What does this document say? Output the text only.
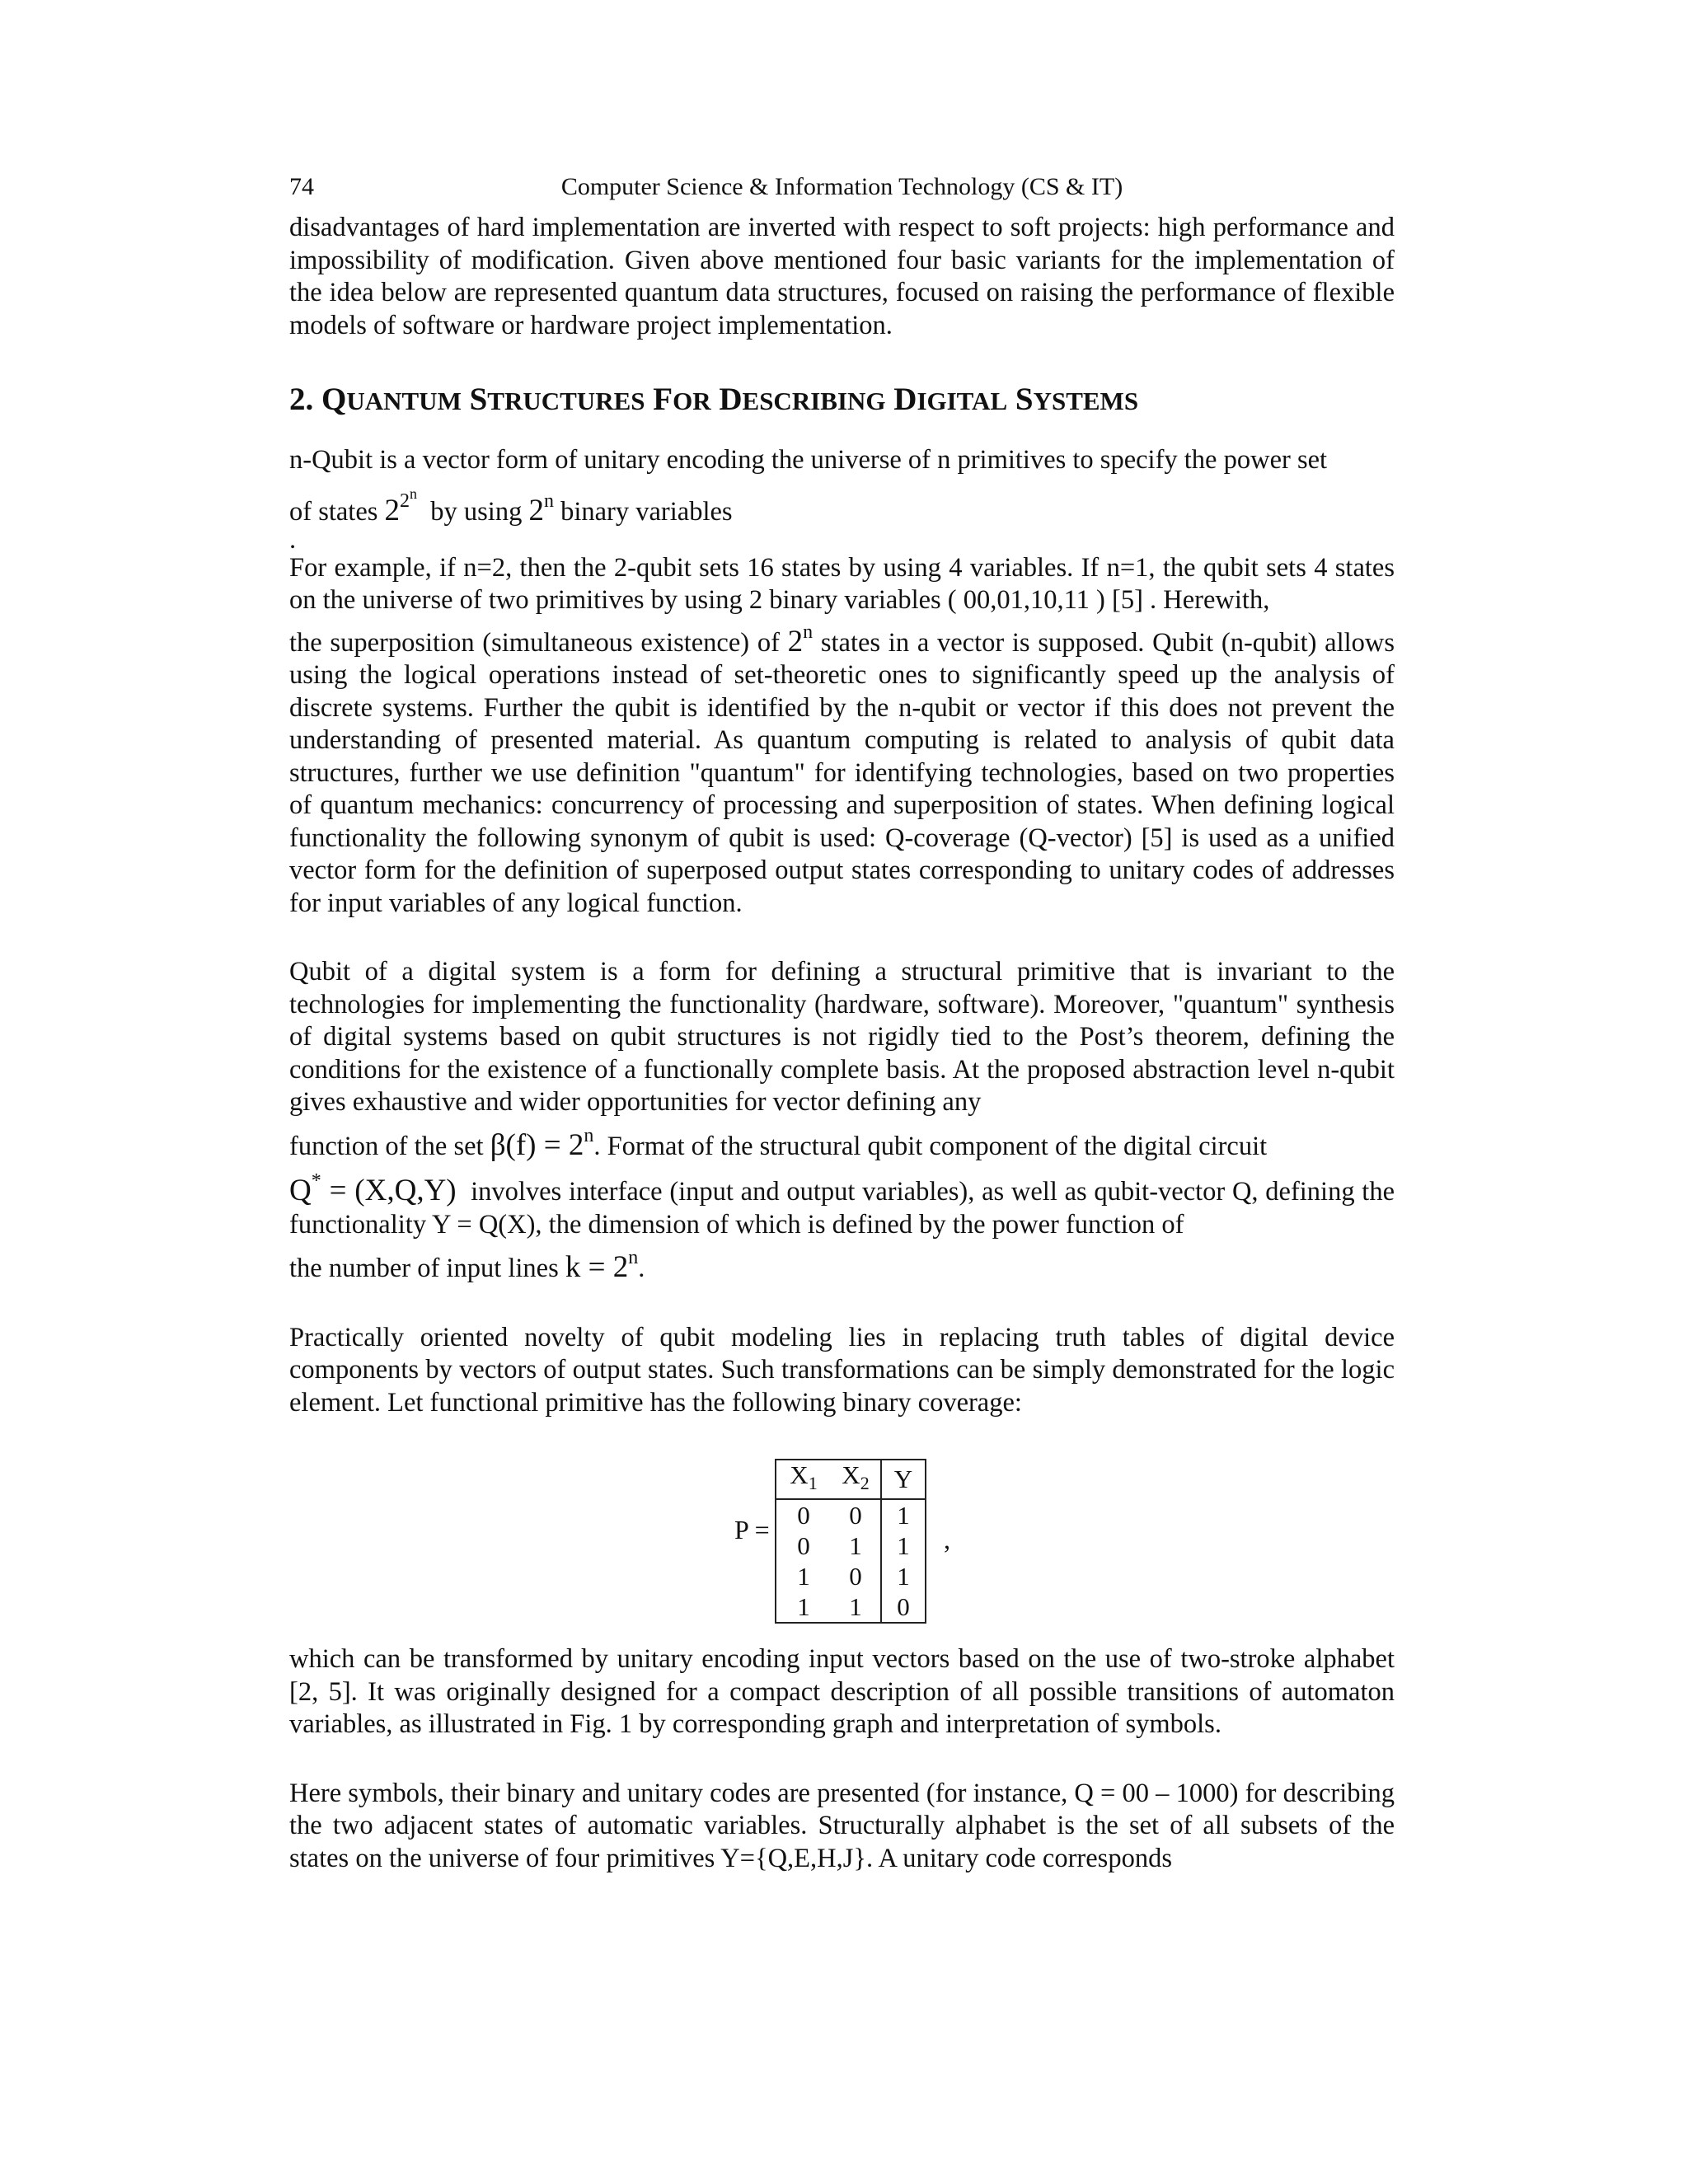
74	Computer Science & Information Technology (CS & IT)

disadvantages of hard implementation are inverted with respect to soft projects: high performance and impossibility of modification. Given above mentioned four basic variants for the implementation of the idea below are represented quantum data structures, focused on raising the performance of flexible models of software or hardware project implementation.

2. QUANTUM STRUCTURES FOR DESCRIBING DIGITAL SYSTEMS

n-Qubit is a vector form of unitary encoding the universe of n primitives to specify the power set

of states $2^{2^n}$  by using 2$^n$ binary variables

.

For example, if n=2, then the 2-qubit sets 16 states by using 4 variables. If n=1, the qubit sets 4 states on the universe of two primitives by using 2 binary variables ( 00,01,10,11 ) [5] . Herewith,

the superposition (simultaneous existence) of 2$^n$ states in a vector is supposed. Qubit (n-qubit) allows using the logical operations instead of set-theoretic ones to significantly speed up the analysis of discrete systems. Further the qubit is identified by the n-qubit or vector if this does not prevent the understanding of presented material. As quantum computing is related to analysis of qubit data structures, further we use definition "quantum" for identifying technologies, based on two properties of quantum mechanics: concurrency of processing and superposition of states. When defining logical functionality the following synonym of qubit is used: Q-coverage (Q-vector) [5] is used as a unified vector form for the definition of superposed output states corresponding to unitary codes of addresses for input variables of any logical function.

Qubit of a digital system is a form for defining a structural primitive that is invariant to the technologies for implementing the functionality (hardware, software). Moreover, "quantum" synthesis of digital systems based on qubit structures is not rigidly tied to the Post’s theorem, defining the conditions for the existence of a functionally complete basis. At the proposed abstraction level n-qubit gives exhaustive and wider opportunities for vector defining any

function of the set $\beta(f) = 2^n$. Format of the structural qubit component of the digital circuit

Q* = (X,Q,Y) involves interface (input and output variables), as well as qubit-vector Q, defining the functionality Y = Q(X), the dimension of which is defined by the power function of

the number of input lines $k = 2^n$.

Practically oriented novelty of qubit modeling lies in replacing truth tables of digital device components by vectors of output states. Such transformations can be simply demonstrated for the logic element. Let functional primitive has the following binary coverage:

P =
$X_1$	$X_2$	Y
0	0	1
0	1	1
1	0	1
1	1	0
,

which can be transformed by unitary encoding input vectors based on the use of two-stroke alphabet [2, 5]. It was originally designed for a compact description of all possible transitions of automaton variables, as illustrated in Fig. 1 by corresponding graph and interpretation of symbols.

Here symbols, their binary and unitary codes are presented (for instance, Q = 00 – 1000) for describing the two adjacent states of automatic variables. Structurally alphabet is the set of all subsets of the states on the universe of four primitives Y={Q,E,H,J}. A unitary code corresponds
